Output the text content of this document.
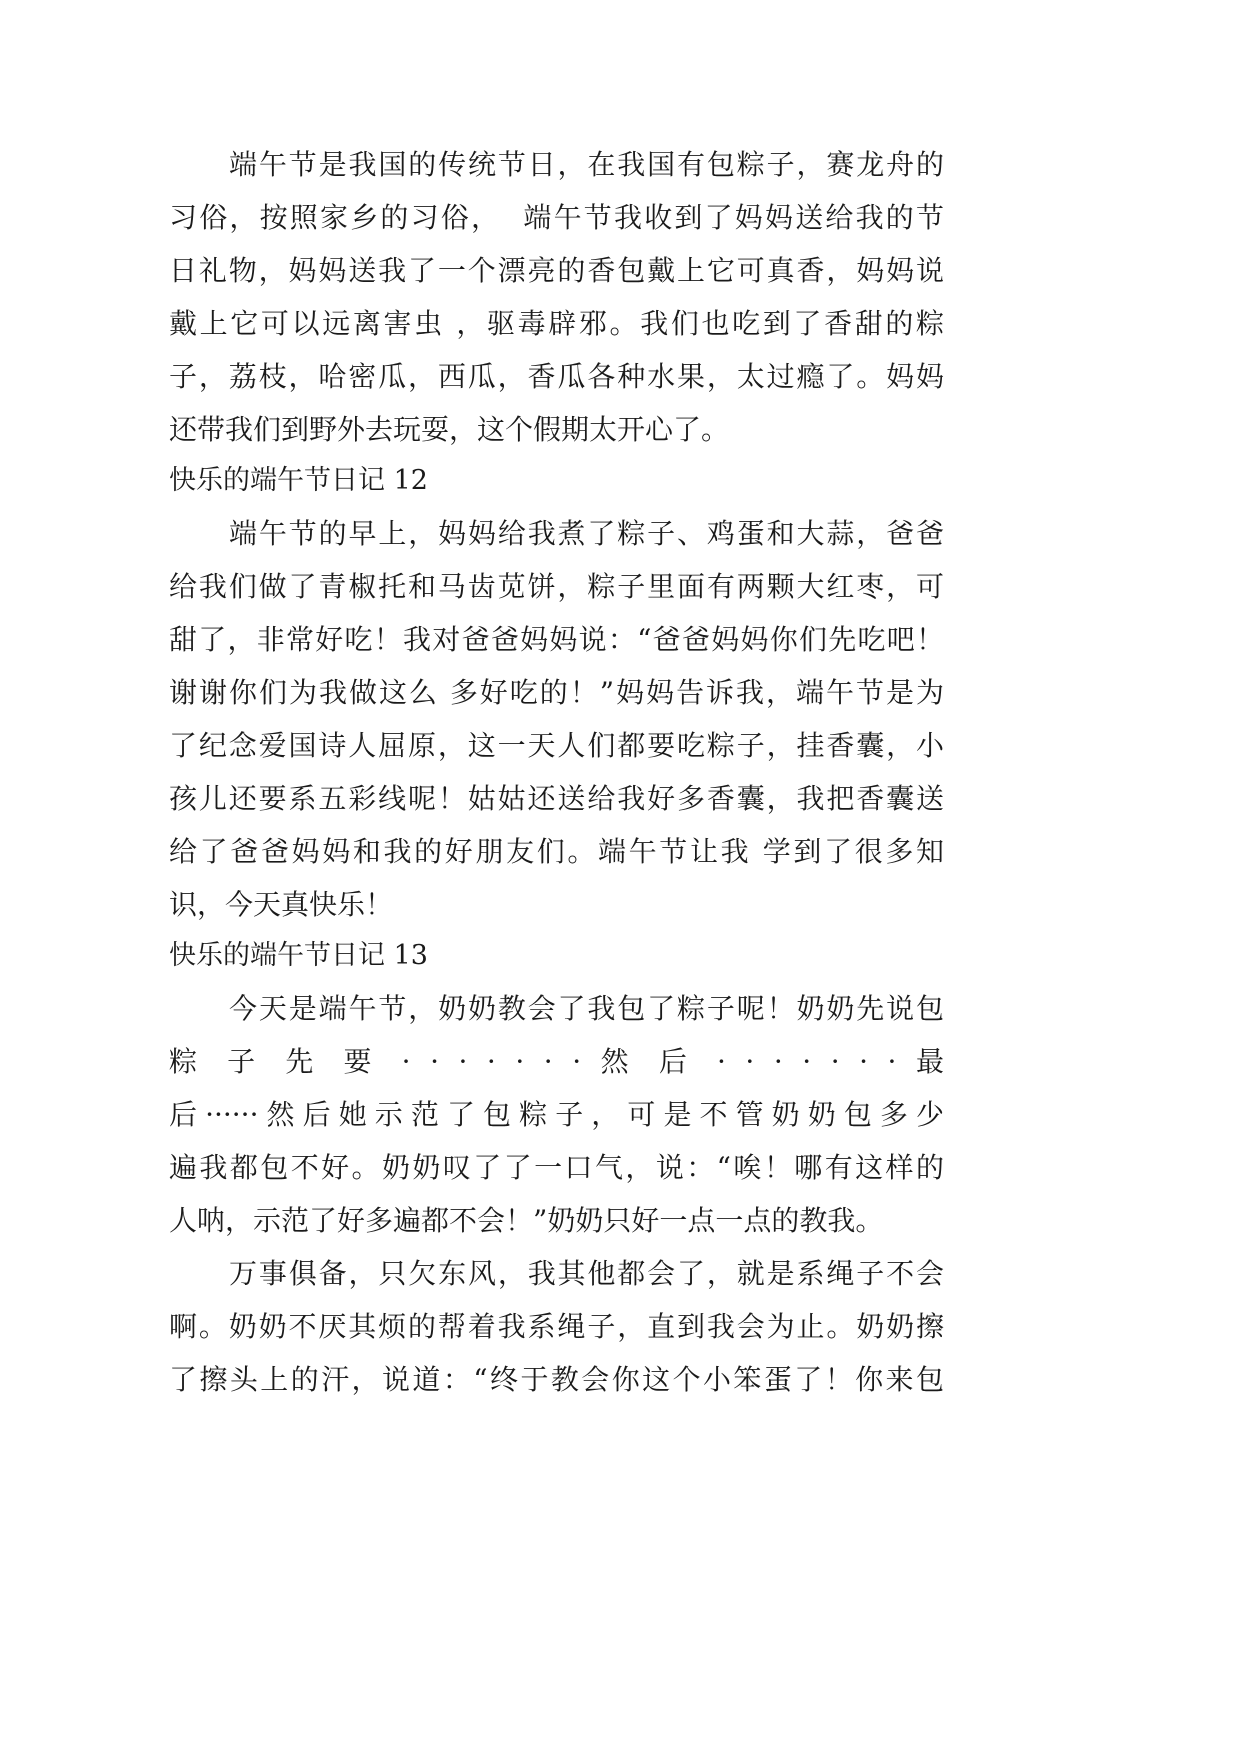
端午节是我国的传统节日，在我国有包粽子，赛龙舟的
习俗，按照家乡的习俗，  端午节我收到了妈妈送给我的节
日礼物，妈妈送我了一个漂亮的香包戴上它可真香，妈妈说
戴上它可以远离害虫 ，驱毒辟邪。我们也吃到了香甜的粽
子，荔枝，哈密瓜，西瓜，香瓜各种水果，太过瘾了。妈妈
还带我们到野外去玩耍，这个假期太开心了。
快乐的端午节日记 12
端午节的早上，妈妈给我煮了粽子、鸡蛋和大蒜，爸爸
给我们做了青椒托和马齿苋饼，粽子里面有两颗大红枣，可
甜了，非常好吃！我对爸爸妈妈说：“爸爸妈妈你们先吃吧！
谢谢你们为我做这么 多好吃的！”妈妈告诉我，端午节是为
了纪念爱国诗人屈原，这一天人们都要吃粽子，挂香囊，小
孩儿还要系五彩线呢！姑姑还送给我好多香囊，我把香囊送
给了爸爸妈妈和我的好朋友们。端午节让我 学到了很多知
识，今天真快乐！
快乐的端午节日记 13
今天是端午节，奶奶教会了我包了粽子呢！奶奶先说包
粽 子 先 要 · · · · · · · 然 后 · · · · · · · 最
后······然后她示范了包粽子，可是不管奶奶包多少
遍我都包不好。奶奶叹了了一口气，说：“唉！哪有这样的
人呐，示范了好多遍都不会！”奶奶只好一点一点的教我。
万事俱备，只欠东风，我其他都会了，就是系绳子不会
啊。奶奶不厌其烦的帮着我系绳子，直到我会为止。奶奶擦
了擦头上的汗，说道：“终于教会你这个小笨蛋了！你来包
